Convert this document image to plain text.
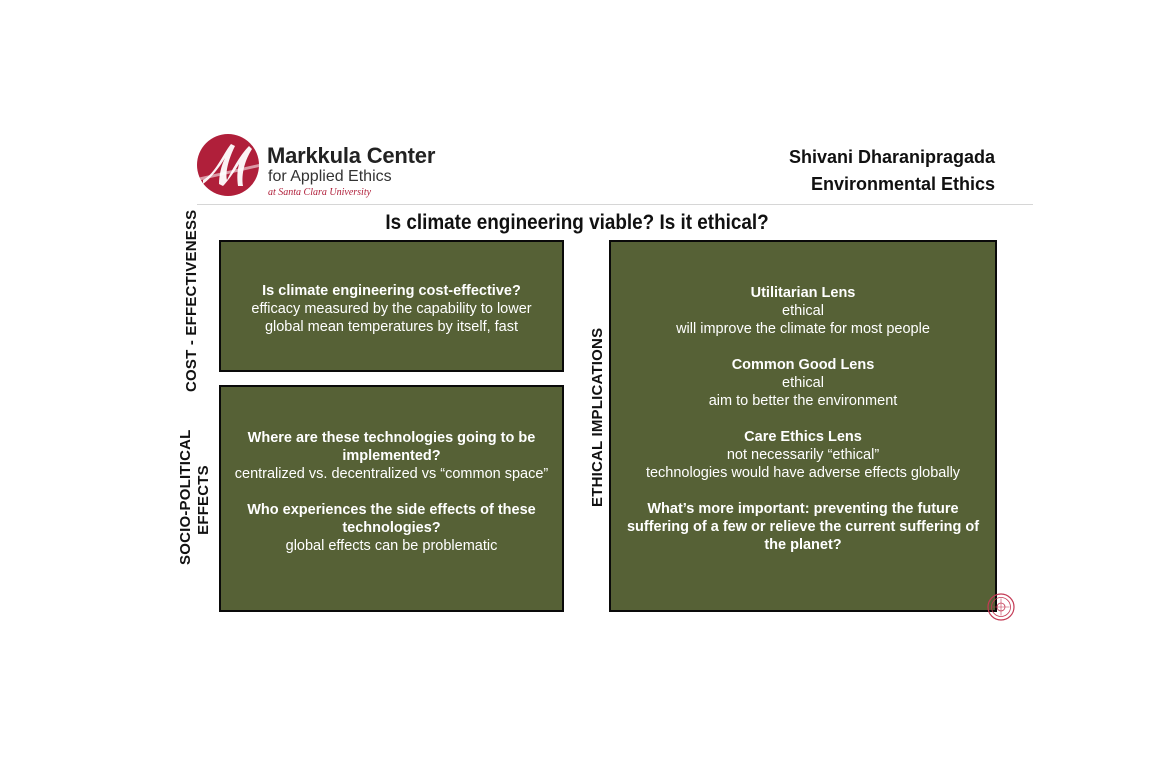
Markkula Center
for Applied Ethics
at Santa Clara University
Shivani Dharanipragada
Environmental Ethics
Is climate engineering viable? Is it ethical?
COST - EFFECTIVENESS
SOCIO-POLITICAL EFFECTS	ETHICAL IMPLICATIONS
Is climate engineering cost-effective?
efficacy measured by the capability to lower
global mean temperatures by itself, fast
Where are these technologies going to be
implemented?
centralized vs. decentralized vs “common space”
Who experiences the side effects of these
technologies?
global effects can be problematic
Utilitarian Lens
ethical
will improve the climate for most people
Common Good Lens
ethical
aim to better the environment
Care Ethics Lens
not necessarily “ethical”
technologies would have adverse effects globally
What’s more important: preventing the future
suffering of a few or relieve the current suffering of
the planet?
